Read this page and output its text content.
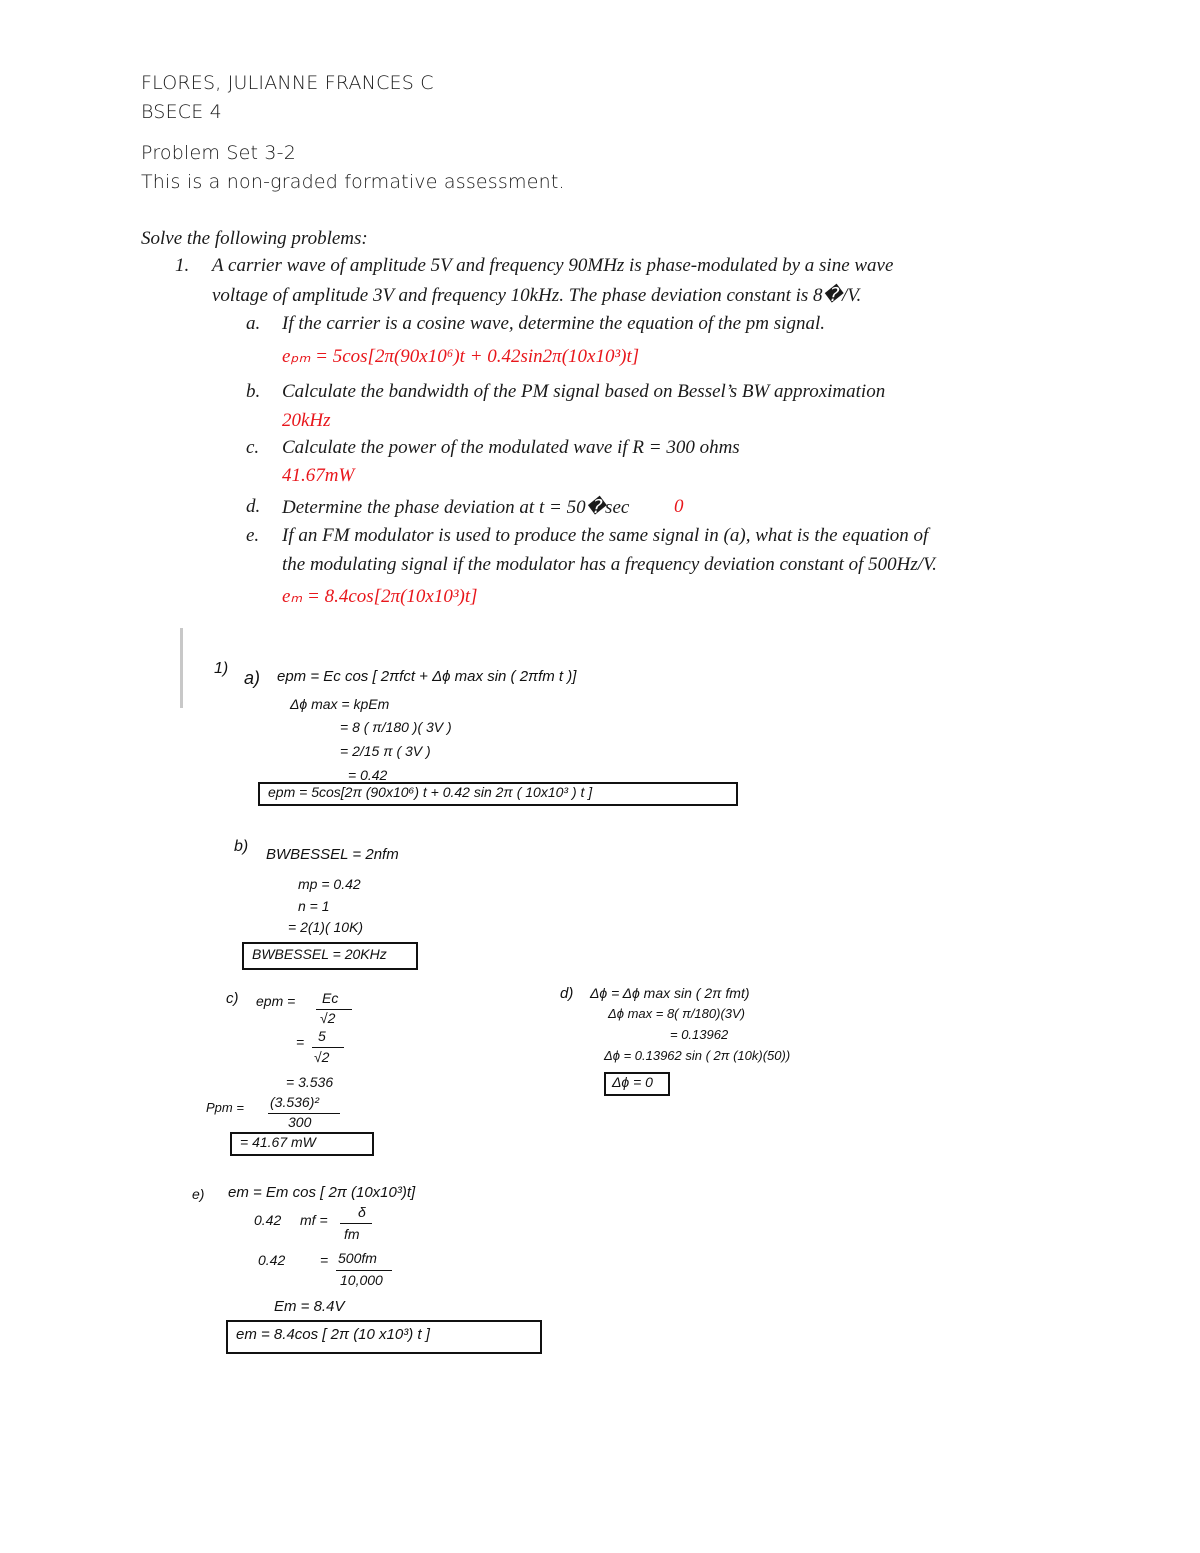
FLORES, JULIANNE FRANCES C
BSECE 4
Problem Set 3-2
This is a non-graded formative assessment.
Solve the following problems:
1. A carrier wave of amplitude 5V and frequency 90MHz is phase-modulated by a sine wave
voltage of amplitude 3V and frequency 10kHz. The phase deviation constant is 8�/V.
a. If the carrier is a cosine wave, determine the equation of the pm signal.
eₚₘ = 5cos[2π(90x10⁶)t + 0.42sin2π(10x10³)t]
b. Calculate the bandwidth of the PM signal based on Bessel’s BW approximation
20kHz
c. Calculate the power of the modulated wave if R = 300 ohms
41.67mW
d. Determine the phase deviation at t = 50�sec 0
e. If an FM modulator is used to produce the same signal in (a), what is the equation of
the modulating signal if the modulator has a frequency deviation constant of 500Hz/V.
eₘ = 8.4cos[2π(10x10³)t]
1) a) epm = Ec cos [ 2πfct + Δϕ max sin ( 2πfm t )]
Δϕ max = kpEm
= 8 ( π/180 )( 3V )
= 2/15 π ( 3V )
= 0.42
epm = 5cos[2π (90x10⁶) t + 0.42 sin 2π ( 10x10³ ) t ]
b) BWBESSEL = 2nfm
mp = 0.42
n = 1
= 2(1)( 10K)
BWBESSEL = 20KHz
c) epm = Ec
√2
= 5
√2
= 3.536
Ppm = (3.536)²
300
= 41.67 mW
d) Δϕ = Δϕ max sin ( 2π fmt)
Δϕ max = 8( π/180)(3V)
= 0.13962
Δϕ = 0.13962 sin ( 2π (10k)(50))
Δϕ = 0
e) em = Em cos [ 2π (10x10³)t]
0.42 mf = δ
fm
0.42 = 500fm
10,000
Em = 8.4V
em = 8.4cos [ 2π (10 x10³) t ]
